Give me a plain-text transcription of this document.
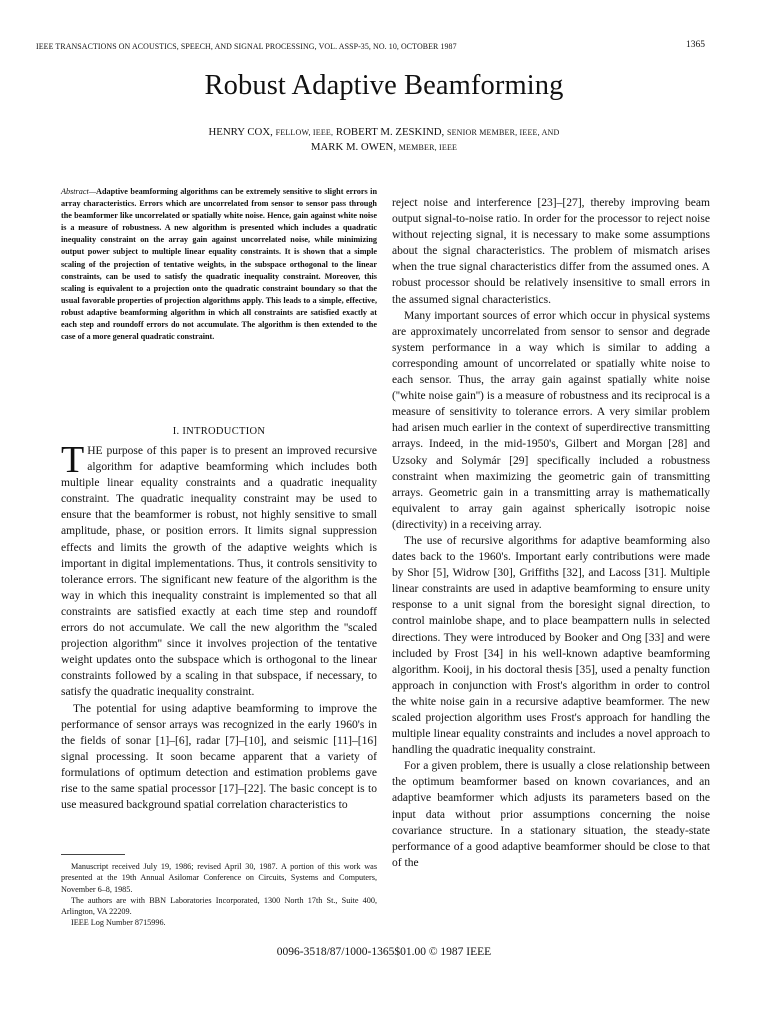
IEEE TRANSACTIONS ON ACOUSTICS, SPEECH, AND SIGNAL PROCESSING, VOL. ASSP-35, NO. 10, OCTOBER 1987	1365
Robust Adaptive Beamforming
HENRY COX, FELLOW, IEEE, ROBERT M. ZESKIND, SENIOR MEMBER, IEEE, AND
MARK M. OWEN, MEMBER, IEEE
Abstract—Adaptive beamforming algorithms can be extremely sensitive to slight errors in array characteristics. Errors which are uncorrelated from sensor to sensor pass through the beamformer like uncorrelated or spatially white noise. Hence, gain against white noise is a measure of robustness. A new algorithm is presented which includes a quadratic inequality constraint on the array gain against uncorrelated noise, while minimizing output power subject to multiple linear equality constraints. It is shown that a simple scaling of the projection of tentative weights, in the subspace orthogonal to the linear constraints, can be used to satisfy the quadratic inequality constraint. Moreover, this scaling is equivalent to a projection onto the quadratic constraint boundary so that the usual favorable properties of projection algorithms apply. This leads to a simple, effective, robust adaptive beamforming algorithm in which all constraints are satisfied exactly at each step and roundoff errors do not accumulate. The algorithm is then extended to the case of a more general quadratic constraint.
I. INTRODUCTION

THE purpose of this paper is to present an improved recursive algorithm for adaptive beamforming which includes both multiple linear equality constraints and a quadratic inequality constraint. The quadratic inequality constraint may be used to ensure that the beamformer is robust, not highly sensitive to small amplitude, phase, or position errors. It limits signal suppression effects and limits the growth of the adaptive weights which is important in digital implementations. Thus, it controls sensitivity to tolerance errors. The significant new feature of the algorithm is the way in which this inequality constraint is implemented so that all constraints are satisfied exactly at each time step and roundoff errors do not accumulate. We call the new algorithm the ''scaled projection algorithm'' since it involves projection of the tentative weight updates onto the subspace which is orthogonal to the linear constraints followed by a scaling in that subspace, if necessary, to satisfy the quadratic inequality constraint.

The potential for using adaptive beamforming to improve the performance of sensor arrays was recognized in the early 1960's in the fields of sonar [1]–[6], radar [7]–[10], and seismic [11]–[16] signal processing. It soon became apparent that a variety of formulations of optimum detection and estimation problems gave rise to the same spatial processor [17]–[22]. The basic concept is to use measured background spatial correlation characteristics to

reject noise and interference [23]–[27], thereby improving beam output signal-to-noise ratio. In order for the processor to reject noise without rejecting signal, it is necessary to make some assumptions about the signal characteristics. The problem of mismatch arises when the true signal characteristics differ from the assumed ones. A robust processor should be relatively insensitive to small errors in the assumed signal characteristics.

Many important sources of error which occur in physical systems are approximately uncorrelated from sensor to sensor and degrade system performance in a way which is similar to adding a corresponding amount of uncorrelated or spatially white noise to each sensor. Thus, the array gain against spatially white noise (''white noise gain'') is a measure of robustness and its reciprocal is a measure of sensitivity to tolerance errors. A very similar problem had arisen much earlier in the context of superdirective transmitting arrays. Indeed, in the mid-1950's, Gilbert and Morgan [28] and Uzsoky and Solymár [29] specifically included a robustness constraint when maximizing the geometric gain of transmitting arrays. Geometric gain in a transmitting array is mathematically equivalent to array gain against spherically isotropic noise (directivity) in a receiving array.

The use of recursive algorithms for adaptive beamforming also dates back to the 1960's. Important early contributions were made by Shor [5], Widrow [30], Griffiths [32], and Lacoss [31]. Multiple linear constraints are used in adaptive beamforming to ensure unity response to a unit signal from the boresight signal direction, to control mainlobe shape, and to place beampattern nulls in selected directions. They were introduced by Booker and Ong [33] and were included by Frost [34] in his well-known adaptive beamforming algorithm. Kooij, in his doctoral thesis [35], used a penalty function approach in conjunction with Frost's algorithm in order to control the white noise gain in a recursive adaptive beamformer. The new scaled projection algorithm uses Frost's approach for handling the multiple linear equality constraints and includes a novel approach to handling the quadratic inequality constraint.

For a given problem, there is usually a close relationship between the optimum beamformer based on known covariances, and an adaptive beamformer which adjusts its parameters based on the input data without prior assumptions concerning the noise covariance structure. In a stationary situation, the steady-state performance of a good adaptive beamformer should be close to that of the

Manuscript received July 19, 1986; revised April 30, 1987. A portion of this work was presented at the 19th Annual Asilomar Conference on Circuits, Systems and Computers, November 6–8, 1985.

The authors are with BBN Laboratories Incorporated, 1300 North 17th St., Suite 400, Arlington, VA 22209.

IEEE Log Number 8715996.

0096-3518/87/1000-1365$01.00 © 1987 IEEE
